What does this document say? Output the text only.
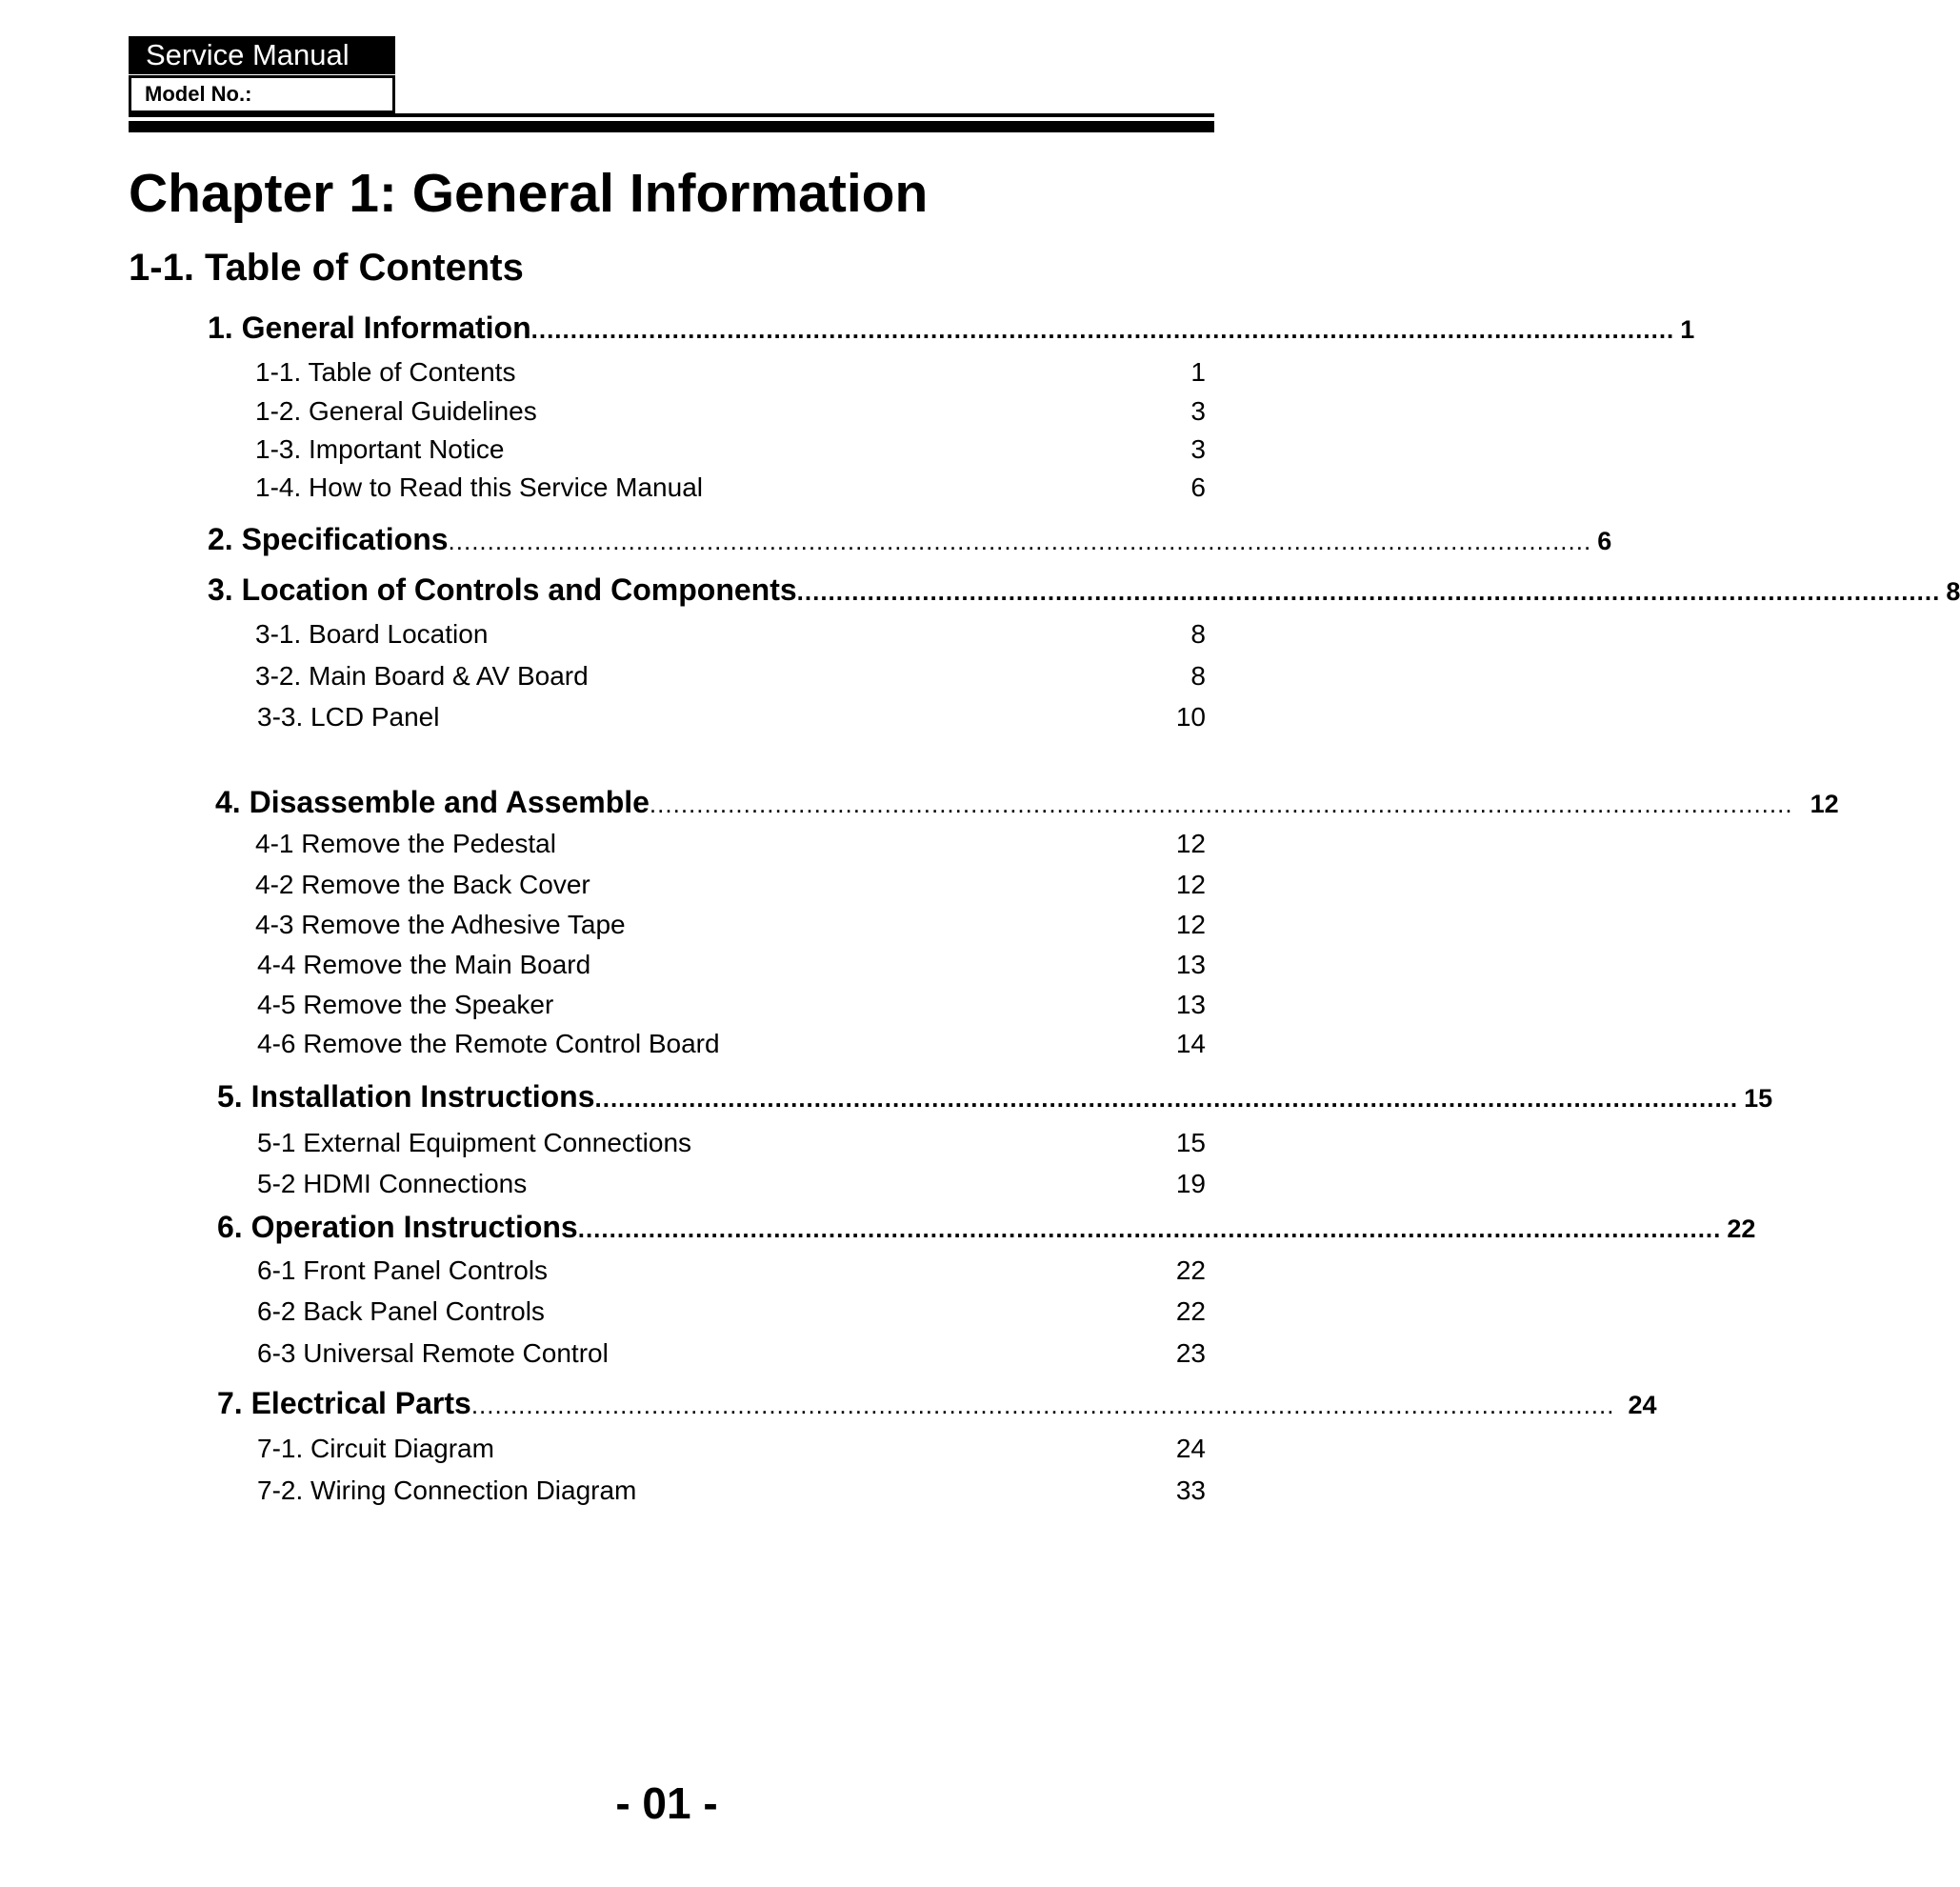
Service Manual
Model No.:
Chapter 1: General Information
1-1. Table of Contents
1. General Information .................................................................................................................................................. 1
1-1. Table of Contents	1
1-2. General Guidelines	3
1-3. Important Notice	3
1-4. How to Read this Service Manual	6
2. Specifications .................................................................................................................................................. 6
3. Location of Controls and Components .................................................................................................................................................. 8
3-1. Board Location	8
3-2. Main Board & AV Board	8
3-3. LCD Panel	10
4. Disassemble and Assemble .................................................................................................................................................. 12
4-1 Remove the Pedestal	12
4-2 Remove the Back Cover	12
4-3 Remove the Adhesive Tape	12
4-4 Remove the Main Board	13
4-5 Remove the Speaker	13
4-6 Remove the Remote Control Board	14
5. Installation Instructions .................................................................................................................................................. 15
5-1 External Equipment Connections	15
5-2 HDMI Connections	19
6. Operation Instructions .................................................................................................................................................. 22
6-1 Front Panel Controls	22
6-2 Back Panel Controls	22
6-3 Universal Remote Control	23
7. Electrical Parts .................................................................................................................................................. 24
7-1. Circuit Diagram	24
7-2. Wiring Connection Diagram	33
- 01 -
